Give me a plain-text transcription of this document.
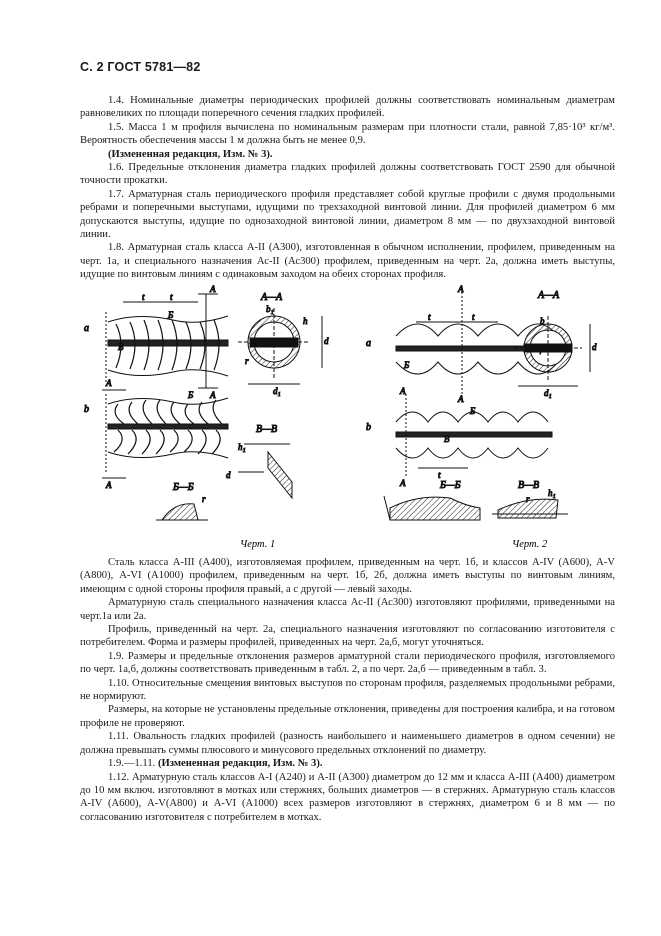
С. 2 ГОСТ 5781—82

1.4. Номинальные диаметры периодических профилей должны соответствовать номинальным диаметрам равновеликих по площади поперечного сечения гладких профилей.

1.5. Масса 1 м профиля вычислена по номинальным размерам при плотности стали, равной 7,85·10³ кг/м³. Вероятность обеспечения массы 1 м должна быть не менее 0,9.

(Измененная редакция, Изм. № 3).

1.6. Предельные отклонения диаметра гладких профилей должны соответствовать ГОСТ 2590 для обычной точности прокатки.

1.7. Арматурная сталь периодического профиля представляет собой круглые профили с двумя продольными ребрами и поперечными выступами, идущими по трехзаходной винтовой линии. Для профилей диаметром 6 мм допускаются выступы, идущие по однозаходной винтовой линии, диаметром 8 мм — по двухзаходной винтовой линии.

1.8. Арматурная сталь класса А-II (А300), изготовленная в обычном исполнении, профилем, приведенным на черт. 1а, и специального назначения Ас-II (Ас300) профилем, приведенным на черт. 2а, должна иметь выступы, идущие по винтовым линиям с одинаковым заходом на обеих сторонах профиля.

а
t	t
А
А
Б
В
А—А
d₁
d
h
b₁
r
b
А
А
Б
В—В
h₁
d
Б—Б
r
Черт. 1
а
t	t
А
А
Б
А—А
d₁
d
b
β
b
А
А
Б
В
t
Б—Б	В—В
r
h₁
Черт. 2

Сталь класса А-III (А400), изготовляемая профилем, приведенным на черт. 1б, и классов А-IV (А600), А-V (А800), А-VI (А1000) профилем, приведенным на черт. 1б, 2б, должна иметь выступы по винтовым линиям, имеющим с одной стороны профиля правый, а с другой — левый заходы.

Арматурную сталь специального назначения класса Ас-II (Ас300) изготовляют профилями, приведенными на черт.1а или 2а.

Профиль, приведенный на черт. 2а, специального назначения изготовляют по согласованию изготовителя с потребителем. Форма и размеры профилей, приведенных на черт. 2а,б, могут уточняться.

1.9. Размеры и предельные отклонения размеров арматурной стали периодического профиля, изготовляемого по черт. 1а,б, должны соответствовать приведенным в табл. 2, а по черт. 2а,б — приведенным в табл. 3.

1.10. Относительные смещения винтовых выступов по сторонам профиля, разделяемых продольными ребрами, не нормируют.

Размеры, на которые не установлены предельные отклонения, приведены для построения калибра, и на готовом профиле не проверяют.

1.11. Овальность гладких профилей (разность наибольшего и наименьшего диаметров в одном сечении) не должна превышать суммы плюсового и минусового предельных отклонений по диаметру.

1.9.—1.11. (Измененная редакция, Изм. № 3).

1.12. Арматурную сталь классов А-I (А240) и А-II (А300) диаметром до 12 мм и класса А-III (А400) диаметром до 10 мм включ. изготовляют в мотках или стержнях, больших диаметров — в стержнях. Арматурную сталь классов А-IV (А600), А-V(А800) и А-VI (А1000) всех размеров изготовляют в стержнях, диаметром 6 и 8 мм — по согласованию изготовителя с потребителем в мотках.
